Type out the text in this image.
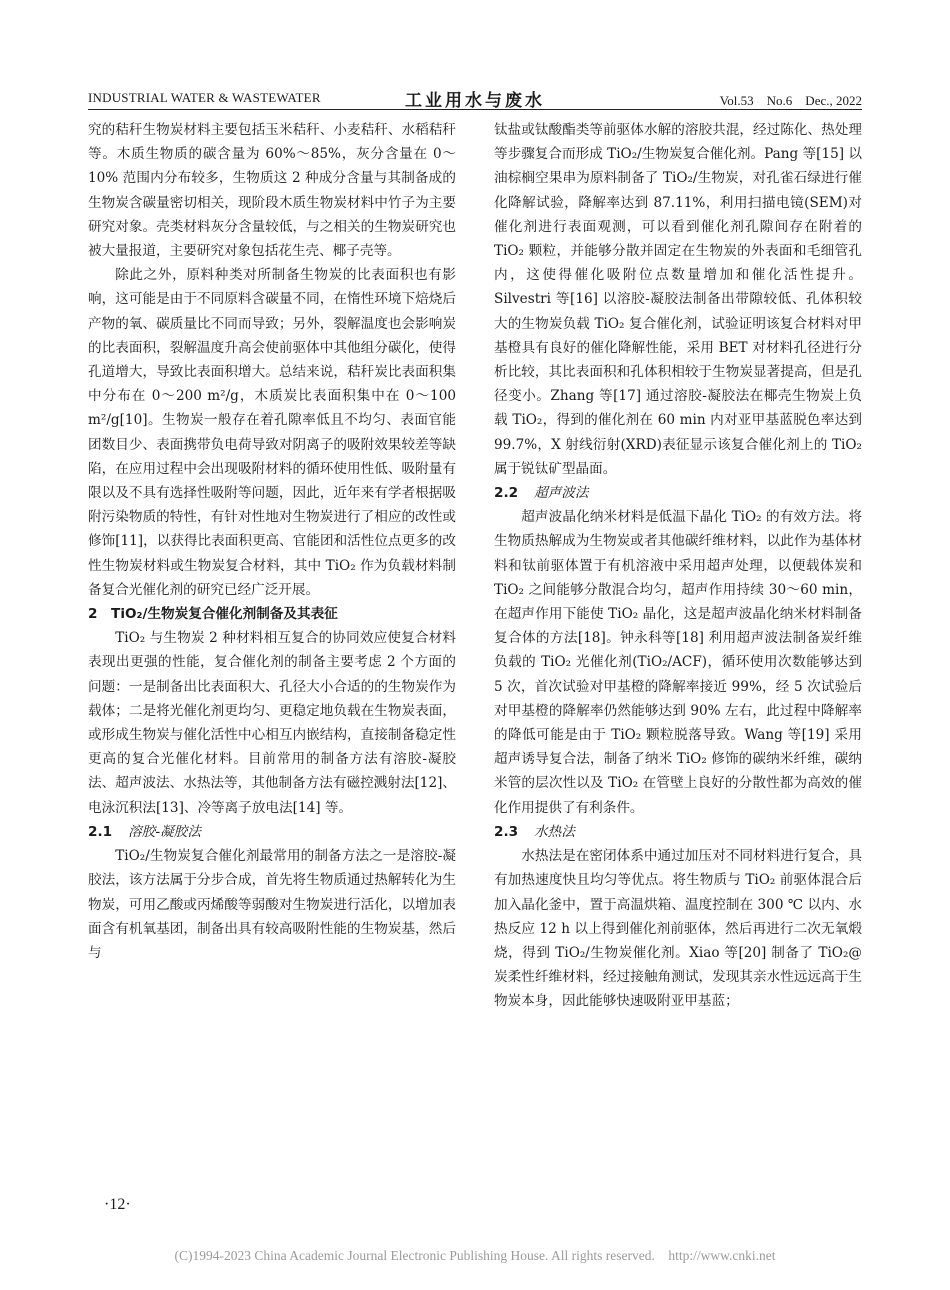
INDUSTRIAL WATER & WASTEWATER	工业用水与废水	Vol.53　No.6　Dec., 2022

究的秸秆生物炭材料主要包括玉米秸秆、小麦秸秆、水稻秸秆等。木质生物质的碳含量为 60%～85%，灰分含量在 0～10% 范围内分布较多，生物质这 2 种成分含量与其制备成的生物炭含碳量密切相关，现阶段木质生物炭材料中竹子为主要研究对象。壳类材料灰分含量较低，与之相关的生物炭研究也被大量报道，主要研究对象包括花生壳、椰子壳等。

除此之外，原料种类对所制备生物炭的比表面积也有影响，这可能是由于不同原料含碳量不同，在惰性环境下焙烧后产物的氧、碳质量比不同而导致；另外，裂解温度也会影响炭的比表面积，裂解温度升高会使前驱体中其他组分碳化，使得孔道增大，导致比表面积增大。总结来说，秸秆炭比表面积集中分布在 0～200 m²/g，木质炭比表面积集中在 0～100 m²/g[10]。生物炭一般存在着孔隙率低且不均匀、表面官能团数目少、表面携带负电荷导致对阴离子的吸附效果较差等缺陷，在应用过程中会出现吸附材料的循环使用性低、吸附量有限以及不具有选择性吸附等问题，因此，近年来有学者根据吸附污染物质的特性，有针对性地对生物炭进行了相应的改性或修饰[11]，以获得比表面积更高、官能团和活性位点更多的改性生物炭材料或生物炭复合材料，其中 TiO₂ 作为负载材料制备复合光催化剂的研究已经广泛开展。

2　TiO₂/生物炭复合催化剂制备及其表征

TiO₂ 与生物炭 2 种材料相互复合的协同效应使复合材料表现出更强的性能，复合催化剂的制备主要考虑 2 个方面的问题：一是制备出比表面积大、孔径大小合适的的生物炭作为载体；二是将光催化剂更均匀、更稳定地负载在生物炭表面，或形成生物炭与催化活性中心相互内嵌结构，直接制备稳定性更高的复合光催化材料。目前常用的制备方法有溶胶-凝胶法、超声波法、水热法等，其他制备方法有磁控溅射法[12]、电泳沉积法[13]、冷等离子放电法[14] 等。

2.1 溶胶-凝胶法

TiO₂/生物炭复合催化剂最常用的制备方法之一是溶胶-凝胶法，该方法属于分步合成，首先将生物质通过热解转化为生物炭，可用乙酸或丙烯酸等弱酸对生物炭进行活化，以增加表面含有机氧基团，制备出具有较高吸附性能的生物炭基，然后与

钛盐或钛酸酯类等前驱体水解的溶胶共混，经过陈化、热处理等步骤复合而形成 TiO₂/生物炭复合催化剂。Pang 等[15] 以油棕榈空果串为原料制备了 TiO₂/生物炭，对孔雀石绿进行催化降解试验，降解率达到 87.11%，利用扫描电镜(SEM)对催化剂进行表面观测，可以看到催化剂孔隙间存在附着的 TiO₂ 颗粒，并能够分散并固定在生物炭的外表面和毛细管孔内，这使得催化吸附位点数量增加和催化活性提升。Silvestri 等[16] 以溶胶-凝胶法制备出带隙较低、孔体积较大的生物炭负载 TiO₂ 复合催化剂，试验证明该复合材料对甲基橙具有良好的催化降解性能，采用 BET 对材料孔径进行分析比较，其比表面积和孔体积相较于生物炭显著提高，但是孔径变小。Zhang 等[17] 通过溶胶-凝胶法在椰壳生物炭上负载 TiO₂，得到的催化剂在 60 min 内对亚甲基蓝脱色率达到 99.7%，X 射线衍射(XRD)表征显示该复合催化剂上的 TiO₂ 属于锐钛矿型晶面。

2.2 超声波法

超声波晶化纳米材料是低温下晶化 TiO₂ 的有效方法。将生物质热解成为生物炭或者其他碳纤维材料，以此作为基体材料和钛前驱体置于有机溶液中采用超声处理，以便载体炭和 TiO₂ 之间能够分散混合均匀，超声作用持续 30～60 min，在超声作用下能使 TiO₂ 晶化，这是超声波晶化纳米材料制备复合体的方法[18]。钟永科等[18] 利用超声波法制备炭纤维负载的 TiO₂ 光催化剂(TiO₂/ACF)，循环使用次数能够达到 5 次，首次试验对甲基橙的降解率接近 99%，经 5 次试验后对甲基橙的降解率仍然能够达到 90% 左右，此过程中降解率的降低可能是由于 TiO₂ 颗粒脱落导致。Wang 等[19] 采用超声诱导复合法，制备了纳米 TiO₂ 修饰的碳纳米纤维，碳纳米管的层次性以及 TiO₂ 在管壁上良好的分散性都为高效的催化作用提供了有利条件。

2.3 水热法

水热法是在密闭体系中通过加压对不同材料进行复合，具有加热速度快且均匀等优点。将生物质与 TiO₂ 前驱体混合后加入晶化釜中，置于高温烘箱、温度控制在 300 ℃ 以内、水热反应 12 h 以上得到催化剂前驱体，然后再进行二次无氧煅烧，得到 TiO₂/生物炭催化剂。Xiao 等[20] 制备了 TiO₂@ 炭柔性纤维材料，经过接触角测试，发现其亲水性远远高于生物炭本身，因此能够快速吸附亚甲基蓝；

·12·
(C)1994-2023 China Academic Journal Electronic Publishing House. All rights reserved.　http://www.cnki.net
